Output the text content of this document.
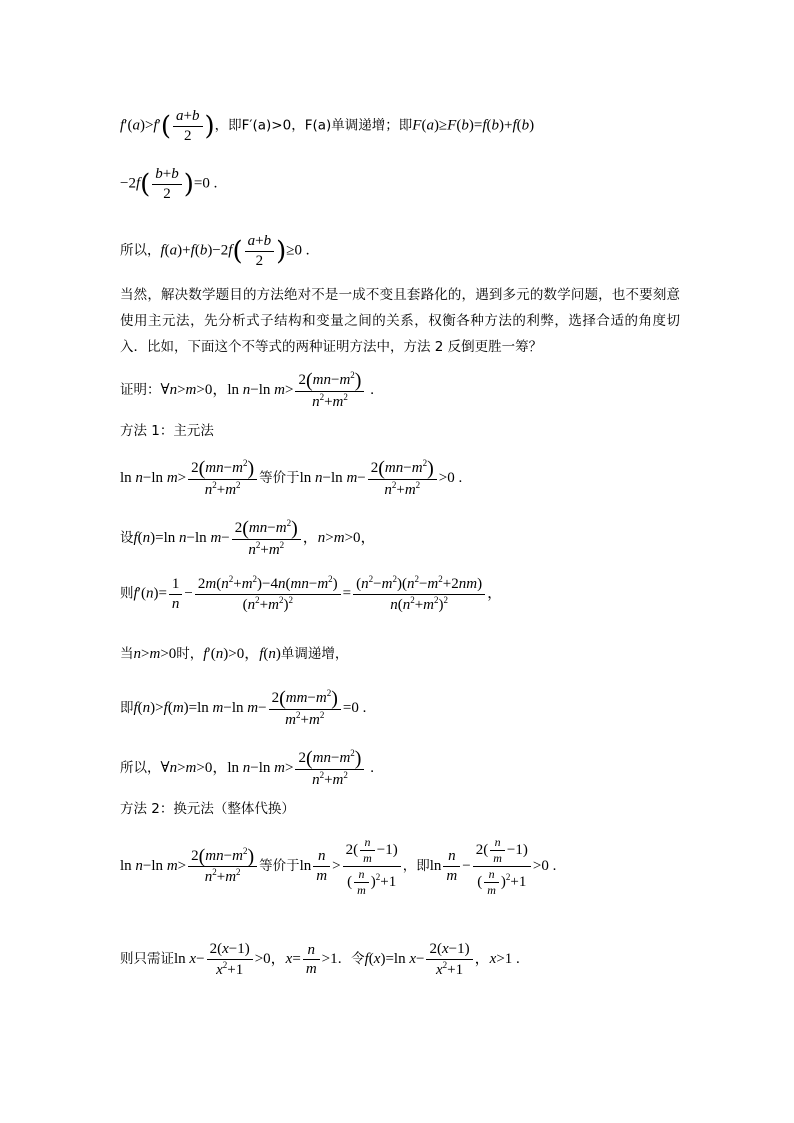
$f'(a)>f'( \frac{a+b}{2}$ )，即F′(a)>0，F(a)单调递增；即F(a)≥F(b)=f(b)+f(b)
$-2f( \frac{b+b}{2} )=0$ .
所以，$f(a)+f(b)-2f( \frac{a+b}{2} )\ge 0$ .
当然，解决数学题目的方法绝对不是一成不变且套路化的，遇到多元的数学问题，也不要刻意使用主元法，先分析式子结构和变量之间的关系，权衡各种方法的利弊，选择合适的角度切入．比如，下面这个不等式的两种证明方法中，方法 2 反倒更胜一筹？
证明：∀n>m>0，ln n−ln $m> \frac{2(mn-m^2)}{n^2+m^2}$ .
方法 1：主元法
ln n−ln $m> \frac{2(mn-m^2)}{n^2+m^2}$ 等价于ln n−ln $m- \frac{2(mn-m^2)}{n^2+m^2} >0$ .
设f(n)=ln n−ln $m- \frac{2(mn-m^2)}{n^2+m^2}$ ，n>m>0，
则$f'(n)= \frac{1}{n} - \frac{2m(n^2+m^2)-4n(mn-m^2)}{(n^2+m^2)^2} = \frac{(n^2-m^2)(n^2-m^2+2nm)}{n(n^2+m^2)^2}$ ，
当n>m>0时，f′(n)>0，f(n)单调递增，
即f(n)>f(m)=ln m−ln $m- \frac{2(mm-m^2)}{m^2+m^2} =0$ .
所以，∀n>m>0，ln n−ln $m> \frac{2(mn-m^2)}{n^2+m^2}$ .
方法 2：换元法（整体代换）
ln n−ln $m> \frac{2(mn-m^2)}{n^2+m^2}$ 等价于$\ln \frac{n}{m} > \frac{2( \frac{n}{m} -1)}{( \frac{n}{m} )^2+1}$ ，即$\ln \frac{n}{m} - \frac{2( \frac{n}{m} -1)}{( \frac{n}{m} )^2+1} >0$ .
则只需证$\ln x- \frac{2(x-1)}{x^2+1} >0$，$x= \frac{n}{m} >1$．令f(x)=ln $x- \frac{2(x-1)}{x^2+1}$ ，x>1 .
